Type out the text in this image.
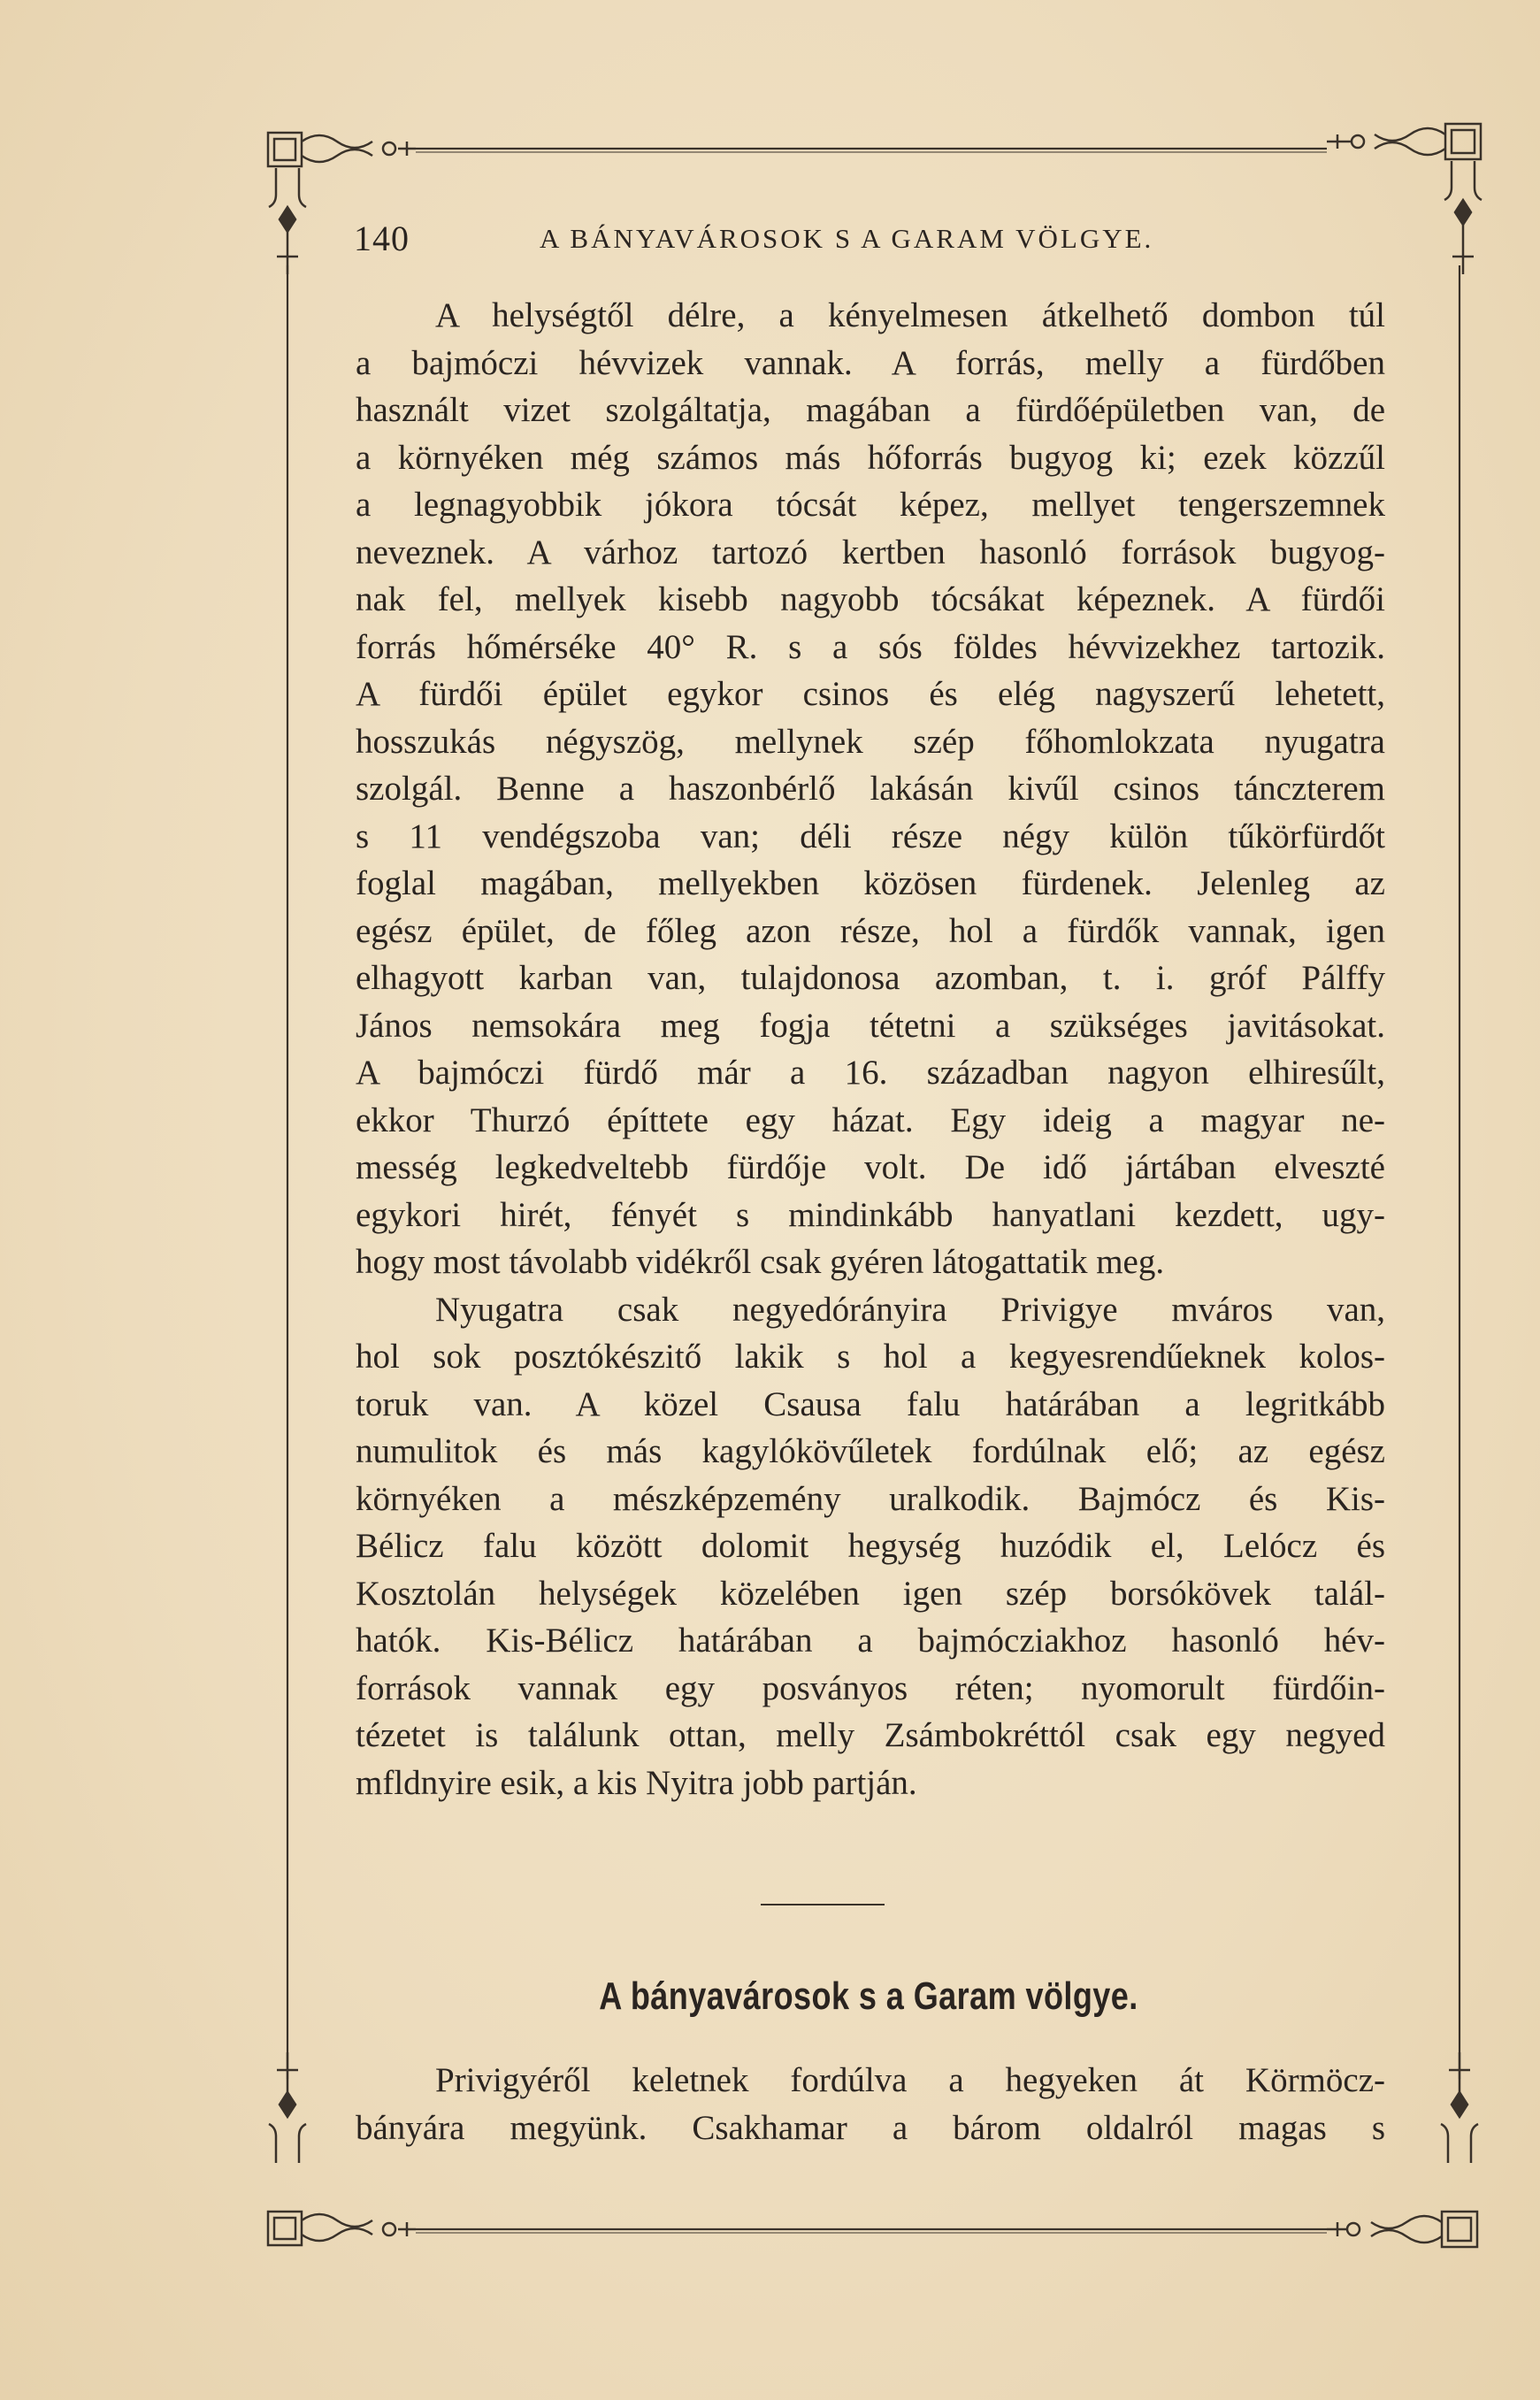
140	A BÁNYAVÁROSOK S A GARAM VÖLGYE.
A helységtől délre, a kényelmesen átkelhető dombon túl
a bajmóczi hévvizek vannak. A forrás, melly a fürdőben
használt vizet szolgáltatja, magában a fürdőépületben van, de
a környéken még számos más hőforrás bugyog ki; ezek közzűl
a legnagyobbik jókora tócsát képez, mellyet tengerszemnek
neveznek. A várhoz tartozó kertben hasonló források bugyog-
nak fel, mellyek kisebb nagyobb tócsákat képeznek. A fürdői
forrás hőmérséke 40° R. s a sós földes hévvizekhez tartozik.
A fürdői épület egykor csinos és elég nagyszerű lehetett,
hosszukás négyszög, mellynek szép főhomlokzata nyugatra
szolgál. Benne a haszonbérlő lakásán kivűl csinos tánczterem
s 11 vendégszoba van; déli része négy külön tűkörfürdőt
foglal magában, mellyekben közösen fürdenek. Jelenleg az
egész épület, de főleg azon része, hol a fürdők vannak, igen
elhagyott karban van, tulajdonosa azomban, t. i. gróf Pálffy
János nemsokára meg fogja tétetni a szükséges javitásokat.
A bajmóczi fürdő már a 16. században nagyon elhiresűlt,
ekkor Thurzó építtete egy házat. Egy ideig a magyar ne-
messég legkedveltebb fürdője volt. De idő jártában elveszté
egykori hirét, fényét s mindinkább hanyatlani kezdett, ugy-
hogy most távolabb vidékről csak gyéren látogattatik meg.
Nyugatra csak negyedórányira Privigye mváros van,
hol sok posztókészitő lakik s hol a kegyesrendűeknek kolos-
toruk van. A közel Csausa falu határában a legritkább
numulitok és más kagylókövűletek fordúlnak elő; az egész
környéken a mészképzemény uralkodik. Bajmócz és Kis-
Bélicz falu között dolomit hegység huzódik el, Lelócz és
Kosztolán helységek közelében igen szép borsókövek talál-
hatók. Kis-Bélicz határában a bajmócziakhoz hasonló hév-
források vannak egy posványos réten; nyomorult fürdőin-
tézetet is találunk ottan, melly Zsámbokréttól csak egy negyed
mfldnyire esik, a kis Nyitra jobb partján.
A bányavárosok s a Garam völgye.
Privigyéről keletnek fordúlva a hegyeken át Körmöcz-
bányára megyünk. Csakhamar a bárom oldalról magas s
